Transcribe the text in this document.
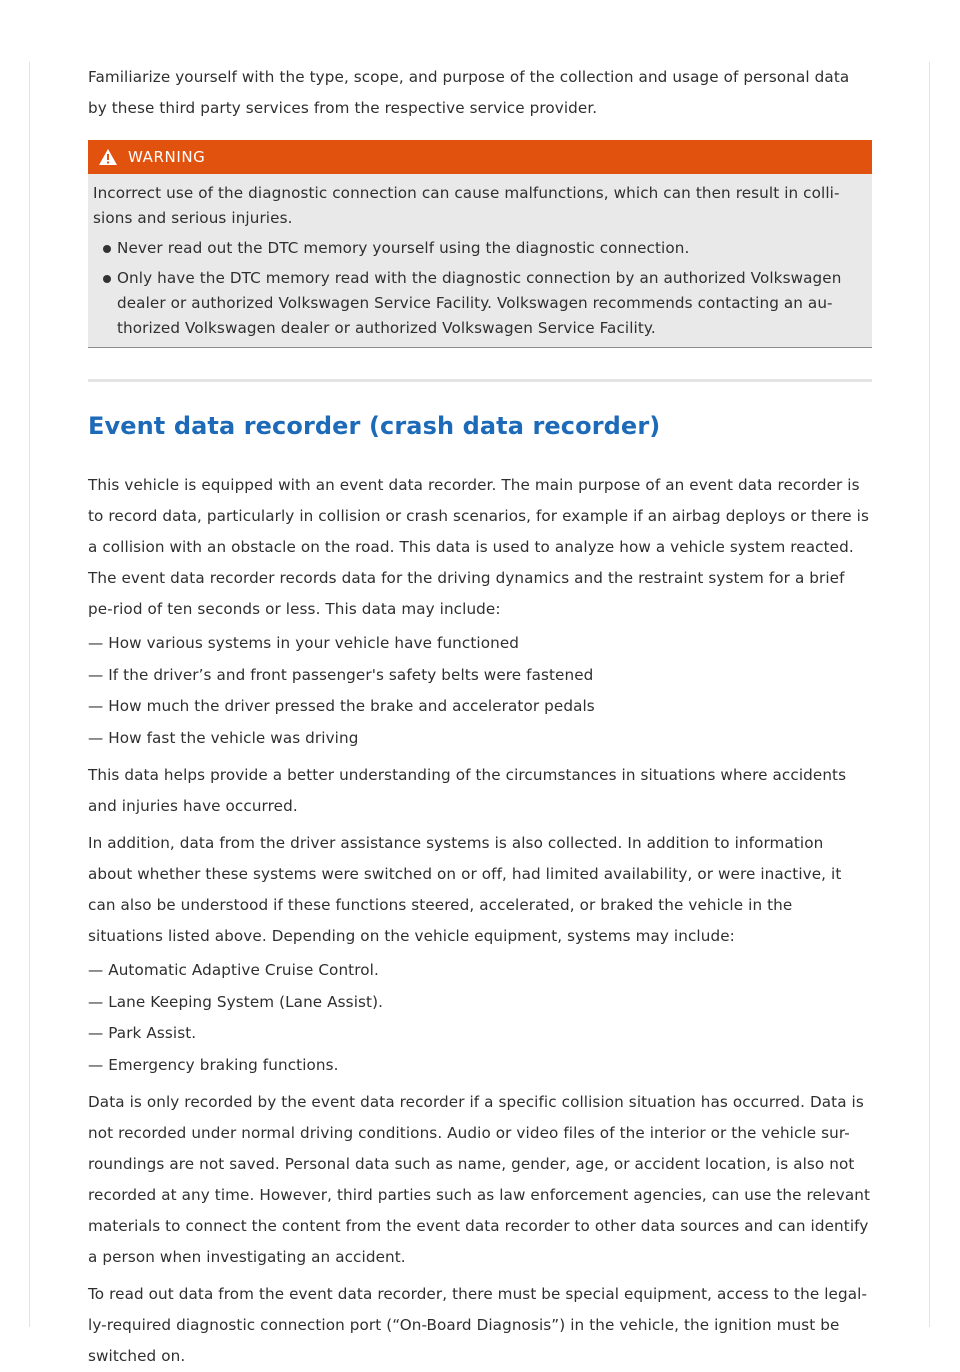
Familiarize yourself with the type, scope, and purpose of the collection and usage of personal data by these third party services from the respective service provider.

WARNING

Incorrect use of the diagnostic connection can cause malfunctions, which can then result in colli-sions and serious injuries.

Never read out the DTC memory yourself using the diagnostic connection.
Only have the DTC memory read with the diagnostic connection by an authorized Volkswagen dealer or authorized Volkswagen Service Facility. Volkswagen recommends contacting an au-thorized Volkswagen dealer or authorized Volkswagen Service Facility.
Event data recorder (crash data recorder)

This vehicle is equipped with an event data recorder. The main purpose of an event data recorder is to record data, particularly in collision or crash scenarios, for example if an airbag deploys or there is a collision with an obstacle on the road. This data is used to analyze how a vehicle system reacted. The event data recorder records data for the driving dynamics and the restraint system for a brief pe-riod of ten seconds or less. This data may include:

— How various systems in your vehicle have functioned
— If the driver’s and front passenger's safety belts were fastened
— How much the driver pressed the brake and accelerator pedals
— How fast the vehicle was driving

This data helps provide a better understanding of the circumstances in situations where accidents and injuries have occurred.

In addition, data from the driver assistance systems is also collected. In addition to information about whether these systems were switched on or off, had limited availability, or were inactive, it can also be understood if these functions steered, accelerated, or braked the vehicle in the situations listed above. Depending on the vehicle equipment, systems may include:

— Automatic Adaptive Cruise Control.
— Lane Keeping System (Lane Assist).
— Park Assist.
— Emergency braking functions.

Data is only recorded by the event data recorder if a specific collision situation has occurred. Data is not recorded under normal driving conditions. Audio or video files of the interior or the vehicle sur-roundings are not saved. Personal data such as name, gender, age, or accident location, is also not recorded at any time. However, third parties such as law enforcement agencies, can use the relevant materials to connect the content from the event data recorder to other data sources and can identify a person when investigating an accident.

To read out data from the event data recorder, there must be special equipment, access to the legal-ly-required diagnostic connection port (“On-Board Diagnosis”) in the vehicle, the ignition must be switched on.
